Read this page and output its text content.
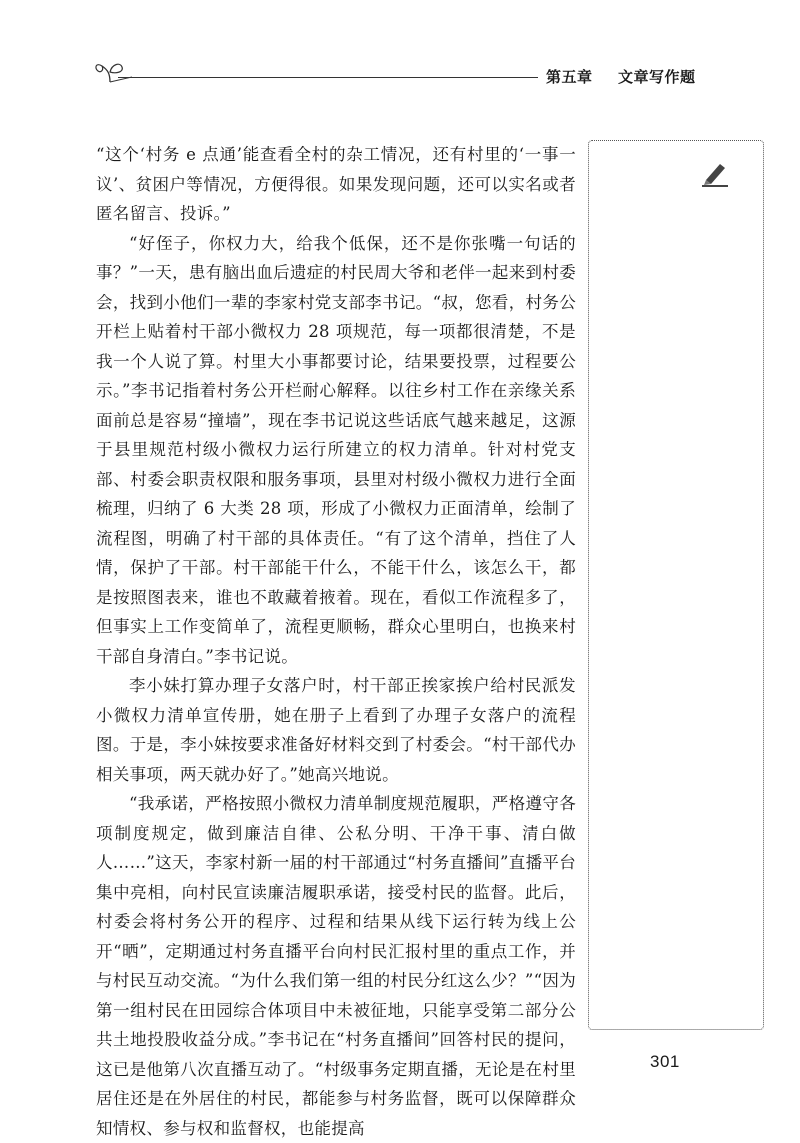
第五章 文章写作题

“这个‘村务 e 点通’能查看全村的杂工情况，还有村里的‘一事一议’、贫困户等情况，方便得很。如果发现问题，还可以实名或者匿名留言、投诉。”

“好侄子，你权力大，给我个低保，还不是你张嘴一句话的事？”一天，患有脑出血后遗症的村民周大爷和老伴一起来到村委会，找到小他们一辈的李家村党支部李书记。“叔，您看，村务公开栏上贴着村干部小微权力 28 项规范，每一项都很清楚，不是我一个人说了算。村里大小事都要讨论，结果要投票，过程要公示。”李书记指着村务公开栏耐心解释。以往乡村工作在亲缘关系面前总是容易“撞墙”，现在李书记说这些话底气越来越足，这源于县里规范村级小微权力运行所建立的权力清单。针对村党支部、村委会职责权限和服务事项，县里对村级小微权力进行全面梳理，归纳了 6 大类 28 项，形成了小微权力正面清单，绘制了流程图，明确了村干部的具体责任。“有了这个清单，挡住了人情，保护了干部。村干部能干什么，不能干什么，该怎么干，都是按照图表来，谁也不敢藏着掖着。现在，看似工作流程多了，但事实上工作变简单了，流程更顺畅，群众心里明白，也换来村干部自身清白。”李书记说。

李小妹打算办理子女落户时，村干部正挨家挨户给村民派发小微权力清单宣传册，她在册子上看到了办理子女落户的流程图。于是，李小妹按要求准备好材料交到了村委会。“村干部代办相关事项，两天就办好了。”她高兴地说。

“我承诺，严格按照小微权力清单制度规范履职，严格遵守各项制度规定，做到廉洁自律、公私分明、干净干事、清白做人……”这天，李家村新一届的村干部通过“村务直播间”直播平台集中亮相，向村民宣读廉洁履职承诺，接受村民的监督。此后，村委会将村务公开的程序、过程和结果从线下运行转为线上公开“晒”，定期通过村务直播平台向村民汇报村里的重点工作，并与村民互动交流。“为什么我们第一组的村民分红这么少？”“因为第一组村民在田园综合体项目中未被征地，只能享受第二部分公共土地投股收益分成。”李书记在“村务直播间”回答村民的提问，这已是他第八次直播互动了。“村级事务定期直播，无论是在村里居住还是在外居住的村民，都能参与村务监督，既可以保障群众知情权、参与权和监督权，也能提高

301
